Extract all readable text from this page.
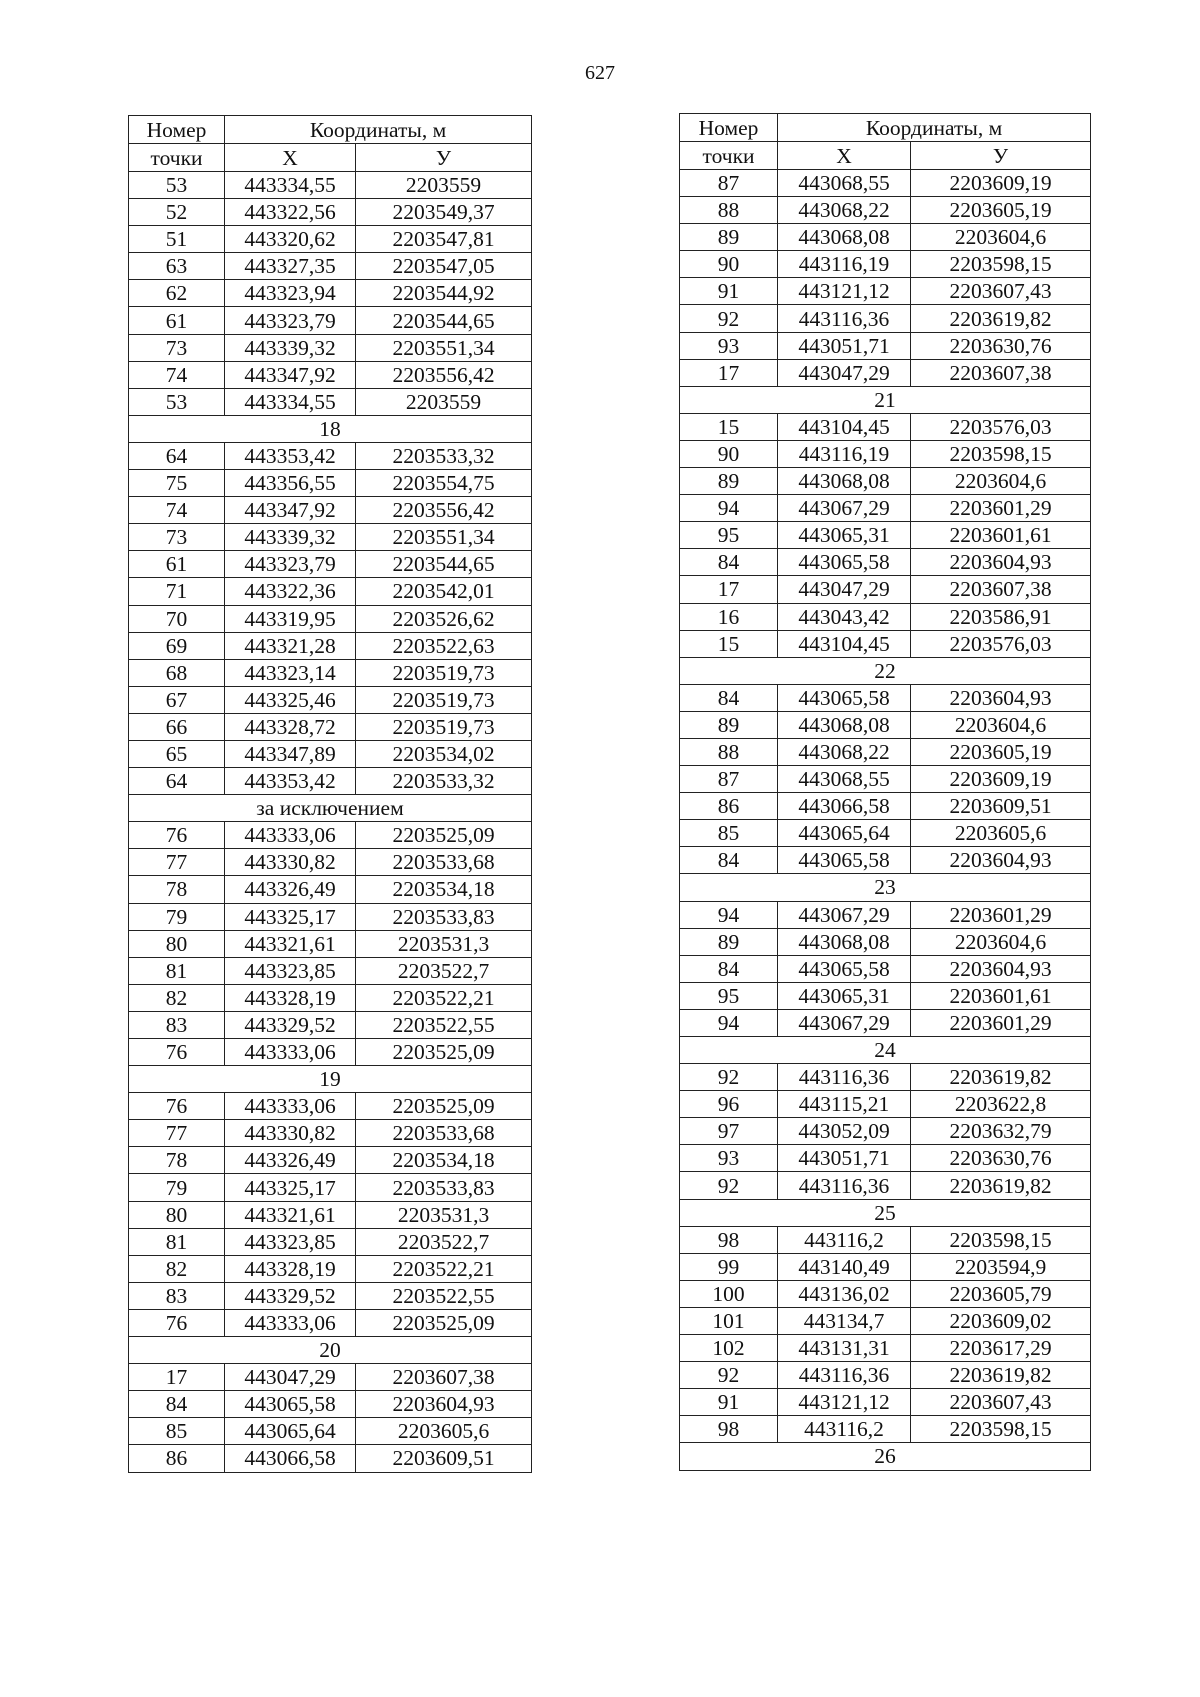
627
Номер	Координаты, м	
точки	Х	У
53	443334,55	2203559
52	443322,56	2203549,37
51	443320,62	2203547,81
63	443327,35	2203547,05
62	443323,94	2203544,92
61	443323,79	2203544,65
73	443339,32	2203551,34
74	443347,92	2203556,42
53	443334,55	2203559
18		
64	443353,42	2203533,32
75	443356,55	2203554,75
74	443347,92	2203556,42
73	443339,32	2203551,34
61	443323,79	2203544,65
71	443322,36	2203542,01
70	443319,95	2203526,62
69	443321,28	2203522,63
68	443323,14	2203519,73
67	443325,46	2203519,73
66	443328,72	2203519,73
65	443347,89	2203534,02
64	443353,42	2203533,32
за исключением		
76	443333,06	2203525,09
77	443330,82	2203533,68
78	443326,49	2203534,18
79	443325,17	2203533,83
80	443321,61	2203531,3
81	443323,85	2203522,7
82	443328,19	2203522,21
83	443329,52	2203522,55
76	443333,06	2203525,09
19		
76	443333,06	2203525,09
77	443330,82	2203533,68
78	443326,49	2203534,18
79	443325,17	2203533,83
80	443321,61	2203531,3
81	443323,85	2203522,7
82	443328,19	2203522,21
83	443329,52	2203522,55
76	443333,06	2203525,09
20		
17	443047,29	2203607,38
84	443065,58	2203604,93
85	443065,64	2203605,6
86	443066,58	2203609,51
Номер	Координаты, м	
точки	Х	У
87	443068,55	2203609,19
88	443068,22	2203605,19
89	443068,08	2203604,6
90	443116,19	2203598,15
91	443121,12	2203607,43
92	443116,36	2203619,82
93	443051,71	2203630,76
17	443047,29	2203607,38
21		
15	443104,45	2203576,03
90	443116,19	2203598,15
89	443068,08	2203604,6
94	443067,29	2203601,29
95	443065,31	2203601,61
84	443065,58	2203604,93
17	443047,29	2203607,38
16	443043,42	2203586,91
15	443104,45	2203576,03
22		
84	443065,58	2203604,93
89	443068,08	2203604,6
88	443068,22	2203605,19
87	443068,55	2203609,19
86	443066,58	2203609,51
85	443065,64	2203605,6
84	443065,58	2203604,93
23		
94	443067,29	2203601,29
89	443068,08	2203604,6
84	443065,58	2203604,93
95	443065,31	2203601,61
94	443067,29	2203601,29
24		
92	443116,36	2203619,82
96	443115,21	2203622,8
97	443052,09	2203632,79
93	443051,71	2203630,76
92	443116,36	2203619,82
25		
98	443116,2	2203598,15
99	443140,49	2203594,9
100	443136,02	2203605,79
101	443134,7	2203609,02
102	443131,31	2203617,29
92	443116,36	2203619,82
91	443121,12	2203607,43
98	443116,2	2203598,15
26		
